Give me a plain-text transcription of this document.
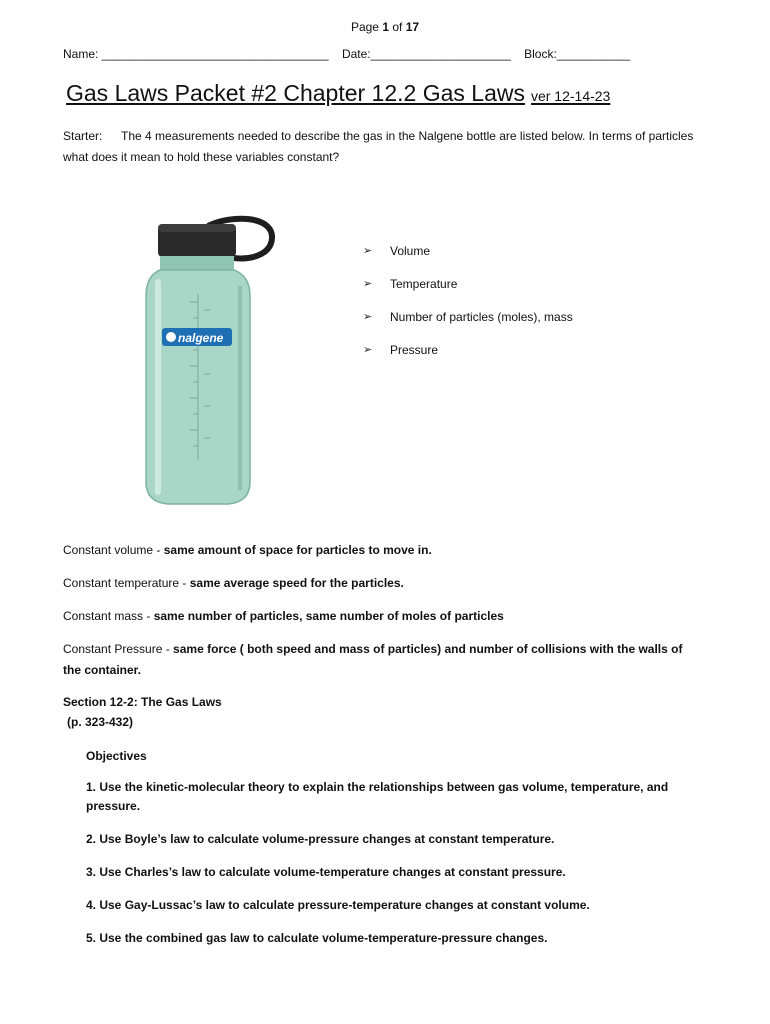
Page 1 of 17
Name: __________________________________ Date:_____________________ Block:___________
Gas Laws Packet #2 Chapter 12.2 Gas Laws ver 12-14-23
Starter: The 4 measurements needed to describe the gas in the Nalgene bottle are listed below. In terms of particles what does it mean to hold these variables constant?
nalgene
➢	Volume
➢	Temperature
➢	Number of particles (moles), mass
➢	Pressure
Constant volume - same amount of space for particles to move in.
Constant temperature - same average speed for the particles.
Constant mass - same number of particles, same number of moles of particles
Constant Pressure - same force ( both speed and mass of particles) and number of collisions with the walls of the container.
Section 12-2: The Gas Laws
(p. 323-432)
Objectives
1. Use the kinetic-molecular theory to explain the relationships between gas volume, temperature, and pressure.
2. Use Boyle’s law to calculate volume-pressure changes at constant temperature.
3. Use Charles’s law to calculate volume-temperature changes at constant pressure.
4. Use Gay-Lussac’s law to calculate pressure-temperature changes at constant volume.
5. Use the combined gas law to calculate volume-temperature-pressure changes.
